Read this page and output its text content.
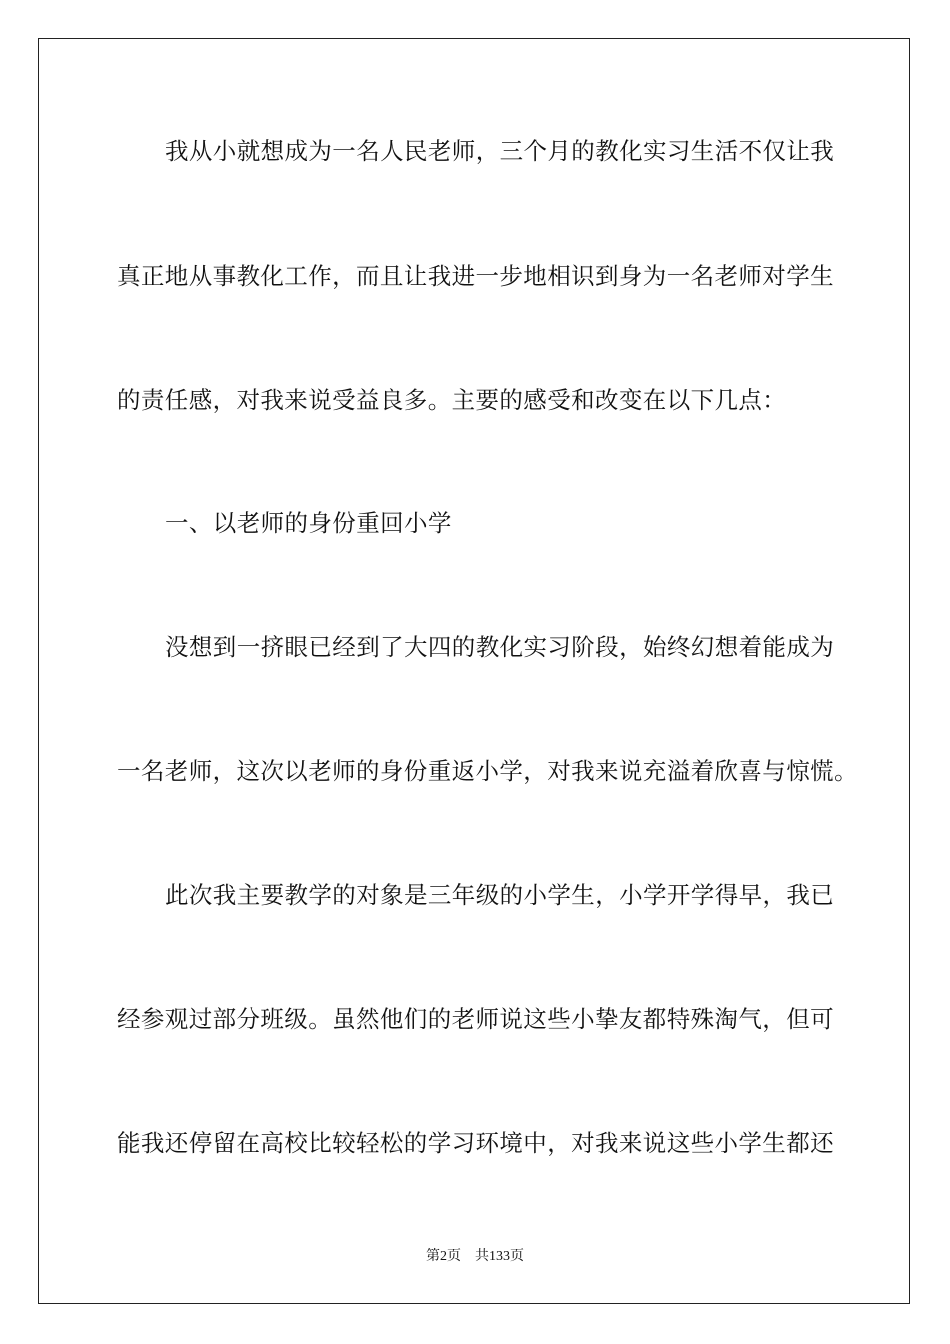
我从小就想成为一名人民老师，三个月的教化实习生活不仅让我
真正地从事教化工作，而且让我进一步地相识到身为一名老师对学生
的责任感，对我来说受益良多。主要的感受和改变在以下几点：
一、以老师的身份重回小学
没想到一挤眼已经到了大四的教化实习阶段，始终幻想着能成为
一名老师，这次以老师的身份重返小学，对我来说充溢着欣喜与惊慌。
此次我主要教学的对象是三年级的小学生，小学开学得早，我已
经参观过部分班级。虽然他们的老师说这些小挚友都特殊淘气，但可
能我还停留在高校比较轻松的学习环境中，对我来说这些小学生都还
第2页 共133页
